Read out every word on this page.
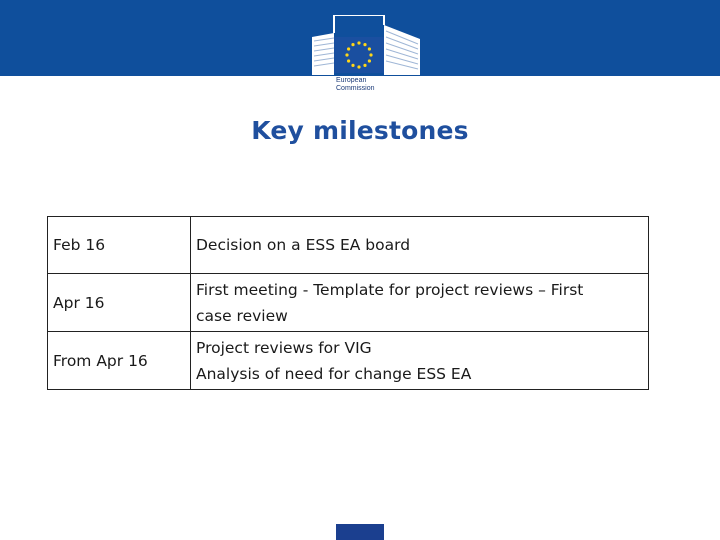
European
Commission
Key milestones
Feb 16	Decision on a ESS EA board

Apr 16	First meeting - Template for project reviews – First
case review

From Apr 16	Project reviews for VIG
Analysis of need for change ESS EA
